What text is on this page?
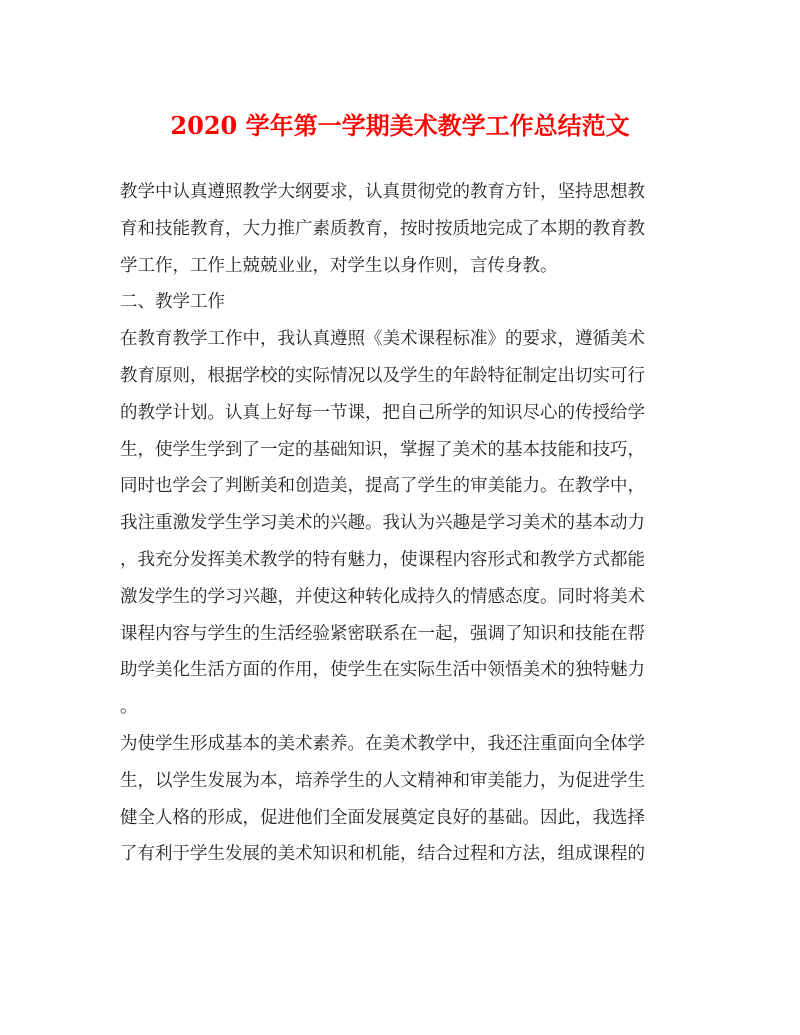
2020 学年第一学期美术教学工作总结范文
教学中认真遵照教学大纲要求，认真贯彻党的教育方针，坚持思想教
育和技能教育，大力推广素质教育，按时按质地完成了本期的教育教
学工作，工作上兢兢业业，对学生以身作则，言传身教。
二、教学工作
在教育教学工作中，我认真遵照《美术课程标准》的要求，遵循美术
教育原则，根据学校的实际情况以及学生的年龄特征制定出切实可行
的教学计划。认真上好每一节课，把自己所学的知识尽心的传授给学
生，使学生学到了一定的基础知识，掌握了美术的基本技能和技巧，
同时也学会了判断美和创造美，提高了学生的审美能力。在教学中，
我注重激发学生学习美术的兴趣。我认为兴趣是学习美术的基本动力
，我充分发挥美术教学的特有魅力，使课程内容形式和教学方式都能
激发学生的学习兴趣，并使这种转化成持久的情感态度。同时将美术
课程内容与学生的生活经验紧密联系在一起，强调了知识和技能在帮
助学美化生活方面的作用，使学生在实际生活中领悟美术的独特魅力
。
为使学生形成基本的美术素养。在美术教学中，我还注重面向全体学
生，以学生发展为本，培养学生的人文精神和审美能力，为促进学生
健全人格的形成，促进他们全面发展奠定良好的基础。因此，我选择
了有利于学生发展的美术知识和机能，结合过程和方法，组成课程的
